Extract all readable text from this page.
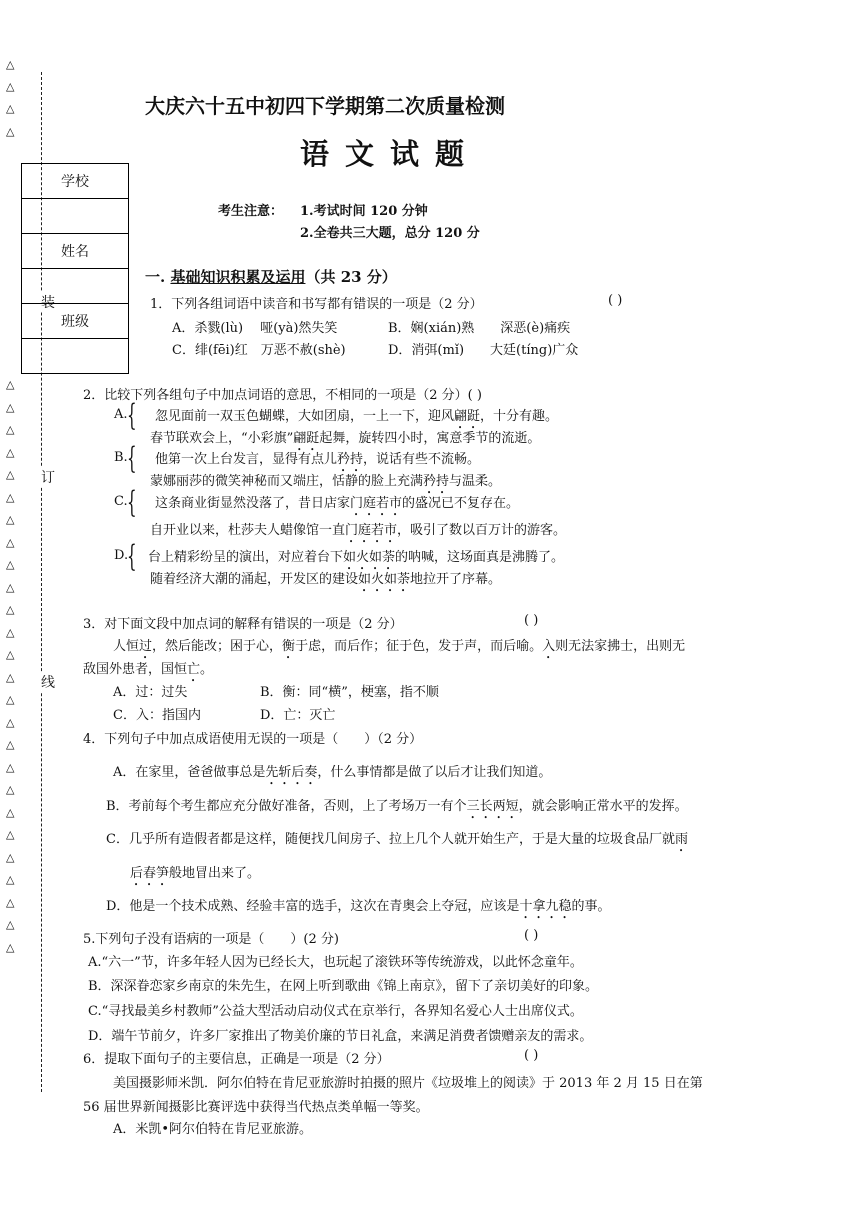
△
△
△
△
△
△
△
△
△
△
△
△
△
△
△
△
△
△
△
△
△
△
△
△
△
△
△
△
△
△
装
订
线
学校
姓名
班级
大庆六十五中初四下学期第二次质量检测
语文试题
考生注意： 1.考试时间 120 分钟
2.全卷共三大题，总分 120 分
一. 基础知识积累及运用（共 23 分）
1．下列各组词语中读音和书写都有错误的一项是（2 分）	( )
A．杀戮(lù)　 哑(yà)然失笑	B．娴(xián)熟　　深恶(è)痛疾
C．绯(fēi)红　万恶不赦(shè)	D．消弭(mǐ)　　大廷(tíng)广众
2．比较下列各组句子中加点词语的意思，不相同的一项是（2 分）( )
A. { 忽见面前一双玉色蝴蝶，大如团扇，一上一下，迎风翩跹，十分有趣。
春节联欢会上，“小彩旗”翩跹起舞，旋转四小时，寓意季节的流逝。
B. { 他第一次上台发言，显得有点儿矜持，说话有些不流畅。
蒙娜丽莎的微笑神秘而又端庄，恬静的脸上充满矜持与温柔。
C. { 这条商业街显然没落了，昔日店家门庭若市的盛况已不复存在。
自开业以来，杜莎夫人蜡像馆一直门庭若市，吸引了数以百万计的游客。
D.
{ 台上精彩纷呈的演出，对应着台下如火如荼的呐喊，这场面真是沸腾了。
随着经济大潮的涌起，开发区的建设如火如荼地拉开了序幕。
3．对下面文段中加点词的解释有错误的一项是（2 分）	( )
人恒过，然后能改；困于心，衡于虑，而后作；征于色，发于声，而后喻。入则无法家拂士，出则无
敌国外患者，国恒亡。
A．过：过失	B．衡：同“横”，梗塞，指不顺
C．入：指国内	D．亡：灭亡
4．下列句子中加点成语使用无误的一项是（　　）（2 分）
A．在家里，爸爸做事总是先斩后奏，什么事情都是做了以后才让我们知道。
B．考前每个考生都应充分做好准备，否则，上了考场万一有个三长两短，就会影响正常水平的发挥。
C．几乎所有造假者都是这样，随便找几间房子、拉上几个人就开始生产，于是大量的垃圾食品厂就雨
后春笋般地冒出来了。
D．他是一个技术成熟、经验丰富的选手，这次在青奥会上夺冠，应该是十拿九稳的事。
5.下列句子没有语病的一项是（　　）(2 分)	( )
A.“六一”节，许多年轻人因为已经长大，也玩起了滚铁环等传统游戏，以此怀念童年。
B．深深眷恋家乡南京的朱先生，在网上听到歌曲《锦上南京》，留下了亲切美好的印象。
C.“寻找最美乡村教师”公益大型活动启动仪式在京举行，各界知名爱心人士出席仪式。
D．端午节前夕，许多厂家推出了物美价廉的节日礼盒，来满足消费者馈赠亲友的需求。
6．提取下面句子的主要信息，正确是一项是（2 分）	( )
美国摄影师米凯．阿尔伯特在肯尼亚旅游时拍摄的照片《垃圾堆上的阅读》于 2013 年 2 月 15 日在第
56 届世界新闻摄影比赛评选中获得当代热点类单幅一等奖。
A．米凯•阿尔伯特在肯尼亚旅游。
